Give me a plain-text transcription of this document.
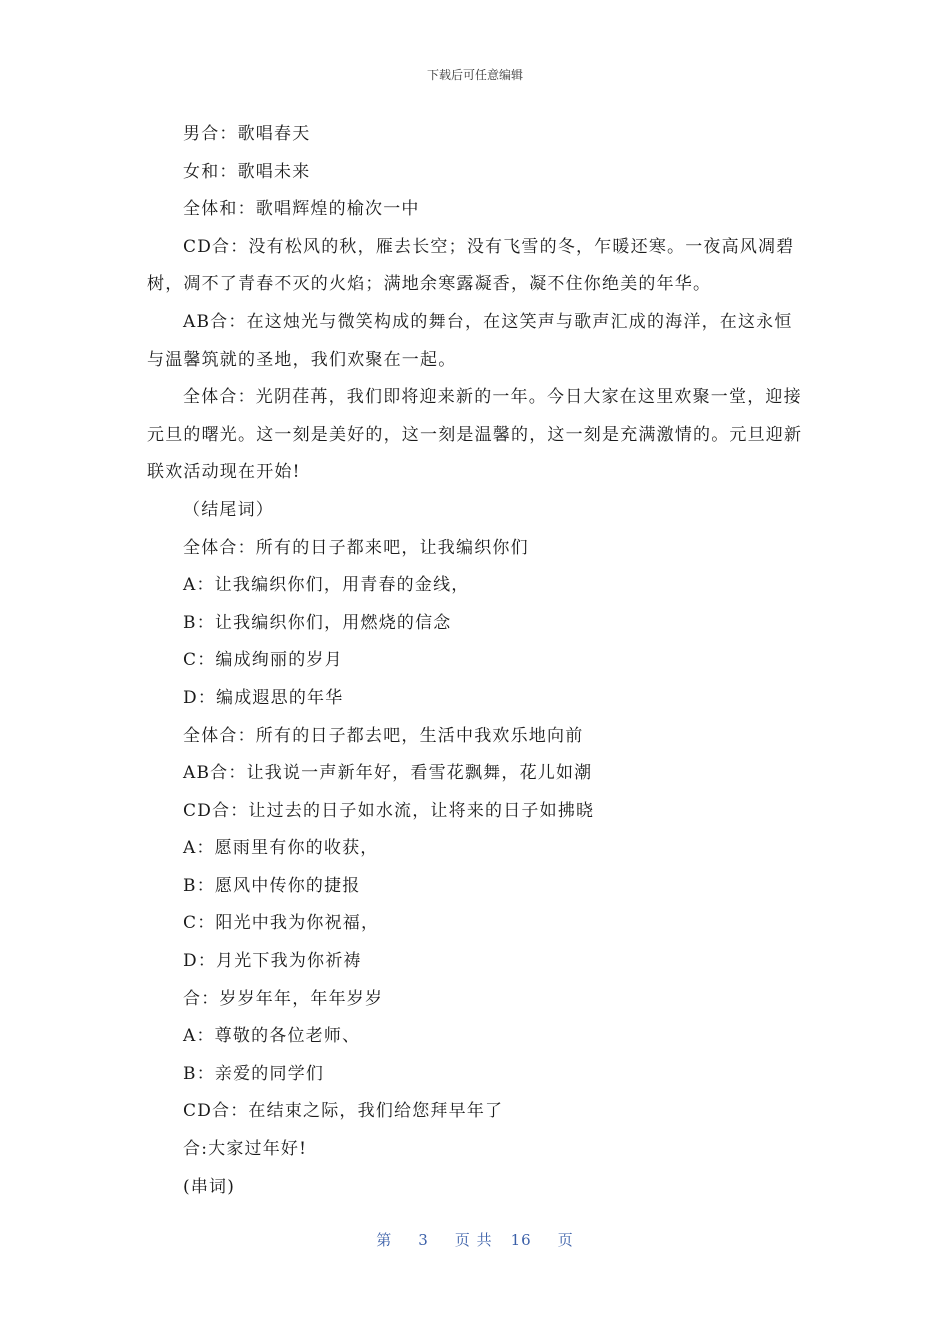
下载后可任意编辑

男合：歌唱春天

女和：歌唱未来

全体和：歌唱辉煌的榆次一中

CD合：没有松风的秋，雁去长空；没有飞雪的冬，乍暖还寒。一夜高风凋碧树，凋不了青春不灭的火焰；满地余寒露凝香，凝不住你绝美的年华。

AB合：在这烛光与微笑构成的舞台，在这笑声与歌声汇成的海洋，在这永恒与温馨筑就的圣地，我们欢聚在一起。

全体合：光阴荏苒，我们即将迎来新的一年。今日大家在这里欢聚一堂，迎接元旦的曙光。这一刻是美好的，这一刻是温馨的，这一刻是充满激情的。元旦迎新联欢活动现在开始!

（结尾词）

全体合：所有的日子都来吧，让我编织你们

A：让我编织你们，用青春的金线，

B：让我编织你们，用燃烧的信念

C：编成绚丽的岁月

D：编成遐思的年华

全体合：所有的日子都去吧，生活中我欢乐地向前

AB合：让我说一声新年好，看雪花飘舞，花儿如潮

CD合：让过去的日子如水流，让将来的日子如拂晓

A：愿雨里有你的收获，

B：愿风中传你的捷报

C：阳光中我为你祝福，

D：月光下我为你祈祷

合：岁岁年年，年年岁岁

A：尊敬的各位老师、

B：亲爱的同学们

CD合：在结束之际，我们给您拜早年了

合:大家过年好!

(串词)

第 3 页 共 16 页
